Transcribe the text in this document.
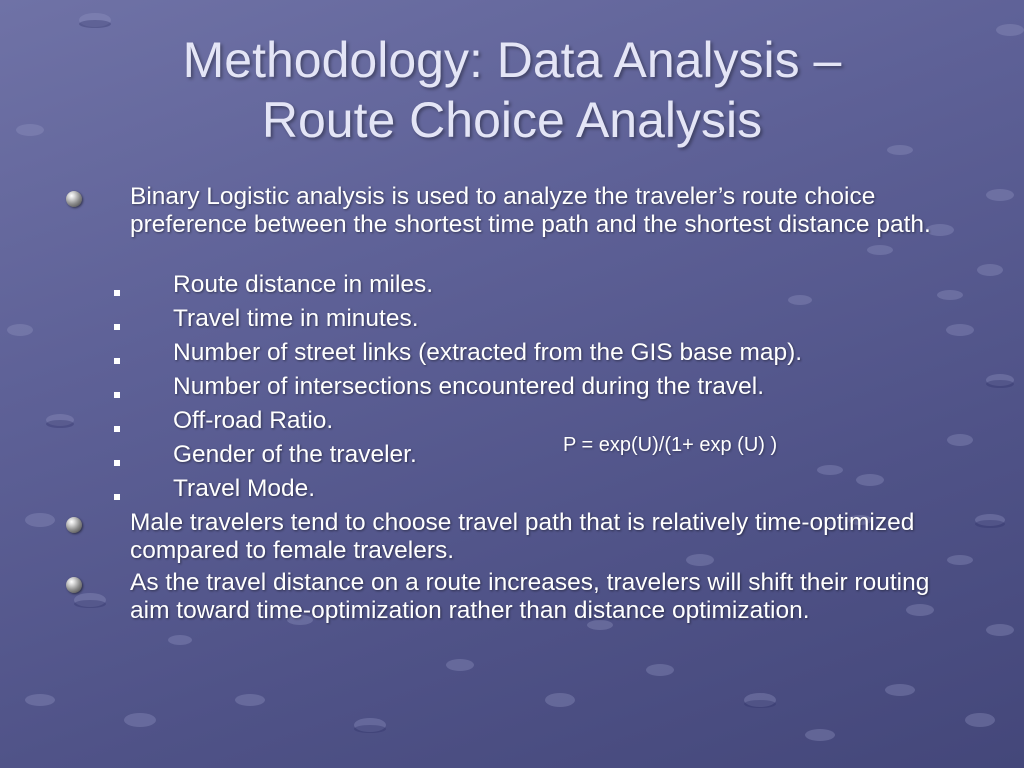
Methodology: Data Analysis –
Route Choice Analysis
Binary Logistic analysis is used to analyze the traveler’s route choice preference between the shortest time path and the shortest distance path.
Route distance in miles.
Travel time in minutes.
Number of street links (extracted from the GIS base map).
Number of intersections encountered during the travel.
Off-road Ratio.
Gender of the traveler.
Travel Mode.
Male travelers tend to choose travel path that is relatively time-optimized compared to female travelers.
As the travel distance on a route increases, travelers will shift their routing aim toward time-optimization rather than distance optimization.
P = exp(U)/(1+ exp (U) )
